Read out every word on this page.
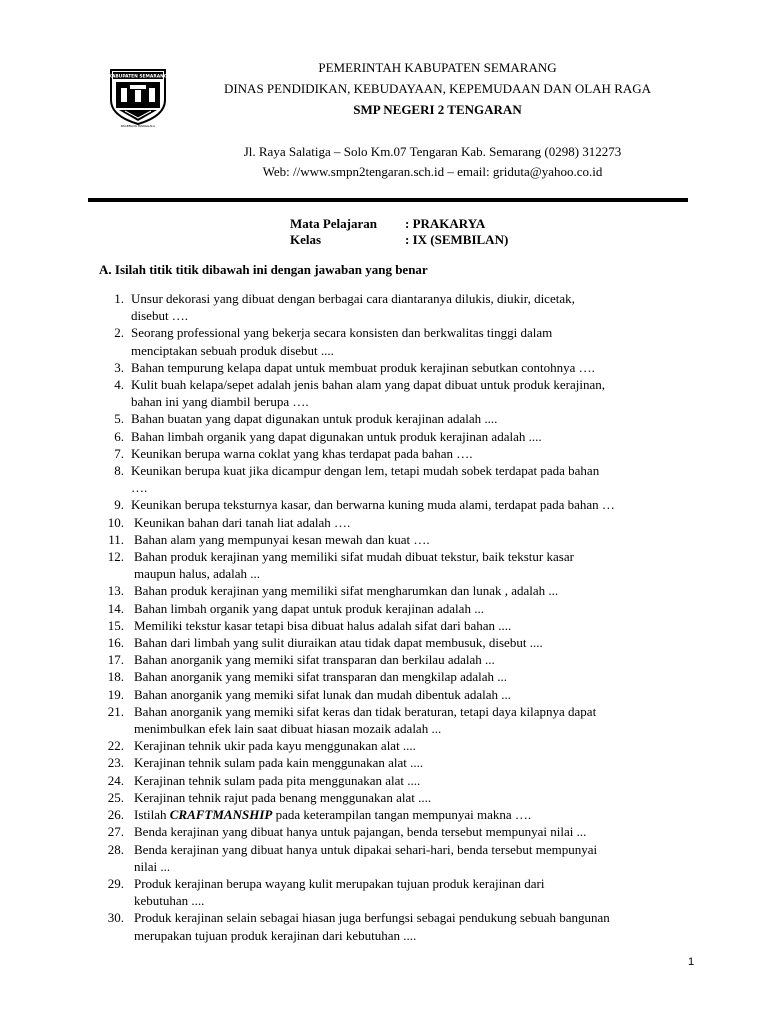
KABUPATEN SEMARANG
PAGEBLOG MANGGALA
PEMERINTAH KABUPATEN SEMARANG
DINAS PENDIDIKAN, KEBUDAYAAN, KEPEMUDAAN DAN OLAH RAGA
SMP NEGERI 2 TENGARAN
Jl. Raya Salatiga – Solo Km.07 Tengaran Kab. Semarang (0298) 312273
Web: //www.smpn2tengaran.sch.id – email: griduta@yahoo.co.id
Mata Pelajaran : PRAKARYA
Kelas	: IX (SEMBILAN)
A. Isilah titik titik dibawah ini dengan jawaban yang benar
1. Unsur dekorasi yang dibuat dengan berbagai cara diantaranya dilukis, diukir, dicetak,
disebut ….
2. Seorang professional yang bekerja secara konsisten dan berkwalitas tinggi dalam
menciptakan sebuah produk disebut ....
3. Bahan tempurung kelapa dapat untuk membuat produk kerajinan sebutkan contohnya ….
4. Kulit buah kelapa/sepet adalah jenis bahan alam yang dapat dibuat untuk produk kerajinan,
bahan ini yang diambil berupa ….
5. Bahan buatan yang dapat digunakan untuk produk kerajinan adalah ....
6. Bahan limbah organik yang dapat digunakan untuk produk kerajinan adalah ....
7. Keunikan berupa warna coklat yang khas terdapat pada bahan ….
8. Keunikan berupa kuat jika dicampur dengan lem, tetapi mudah sobek terdapat pada bahan
….
9. Keunikan berupa teksturnya kasar, dan berwarna kuning muda alami, terdapat pada bahan …
10. Keunikan bahan dari tanah liat adalah ….
11. Bahan alam yang mempunyai kesan mewah dan kuat ….
12. Bahan produk kerajinan yang memiliki sifat mudah dibuat tekstur, baik tekstur kasar
maupun halus, adalah ...
13. Bahan produk kerajinan yang memiliki sifat mengharumkan dan lunak , adalah ...
14. Bahan limbah organik yang dapat untuk produk kerajinan adalah ...
15. Memiliki tekstur kasar tetapi bisa dibuat halus adalah sifat dari bahan ....
16. Bahan dari limbah yang sulit diuraikan atau tidak dapat membusuk, disebut ....
17. Bahan anorganik yang memiki sifat transparan dan berkilau adalah ...
18. Bahan anorganik yang memiki sifat transparan dan mengkilap adalah ...
19. Bahan anorganik yang memiki sifat lunak dan mudah dibentuk adalah ...
21. Bahan anorganik yang memiki sifat keras dan tidak beraturan, tetapi daya kilapnya dapat
menimbulkan efek lain saat dibuat hiasan mozaik adalah ...
22. Kerajinan tehnik ukir pada kayu menggunakan alat ....
23. Kerajinan tehnik sulam pada kain menggunakan alat ....
24. Kerajinan tehnik sulam pada pita menggunakan alat ....
25. Kerajinan tehnik rajut pada benang menggunakan alat ....
26. Istilah CRAFTMANSHIP pada keterampilan tangan mempunyai makna ….
27. Benda kerajinan yang dibuat hanya untuk pajangan, benda tersebut mempunyai nilai ...
28. Benda kerajinan yang dibuat hanya untuk dipakai sehari-hari, benda tersebut mempunyai
nilai ...
29. Produk kerajinan berupa wayang kulit merupakan tujuan produk kerajinan dari
kebutuhan ....
30. Produk kerajinan selain sebagai hiasan juga berfungsi sebagai pendukung sebuah bangunan
merupakan tujuan produk kerajinan dari kebutuhan ....
1
